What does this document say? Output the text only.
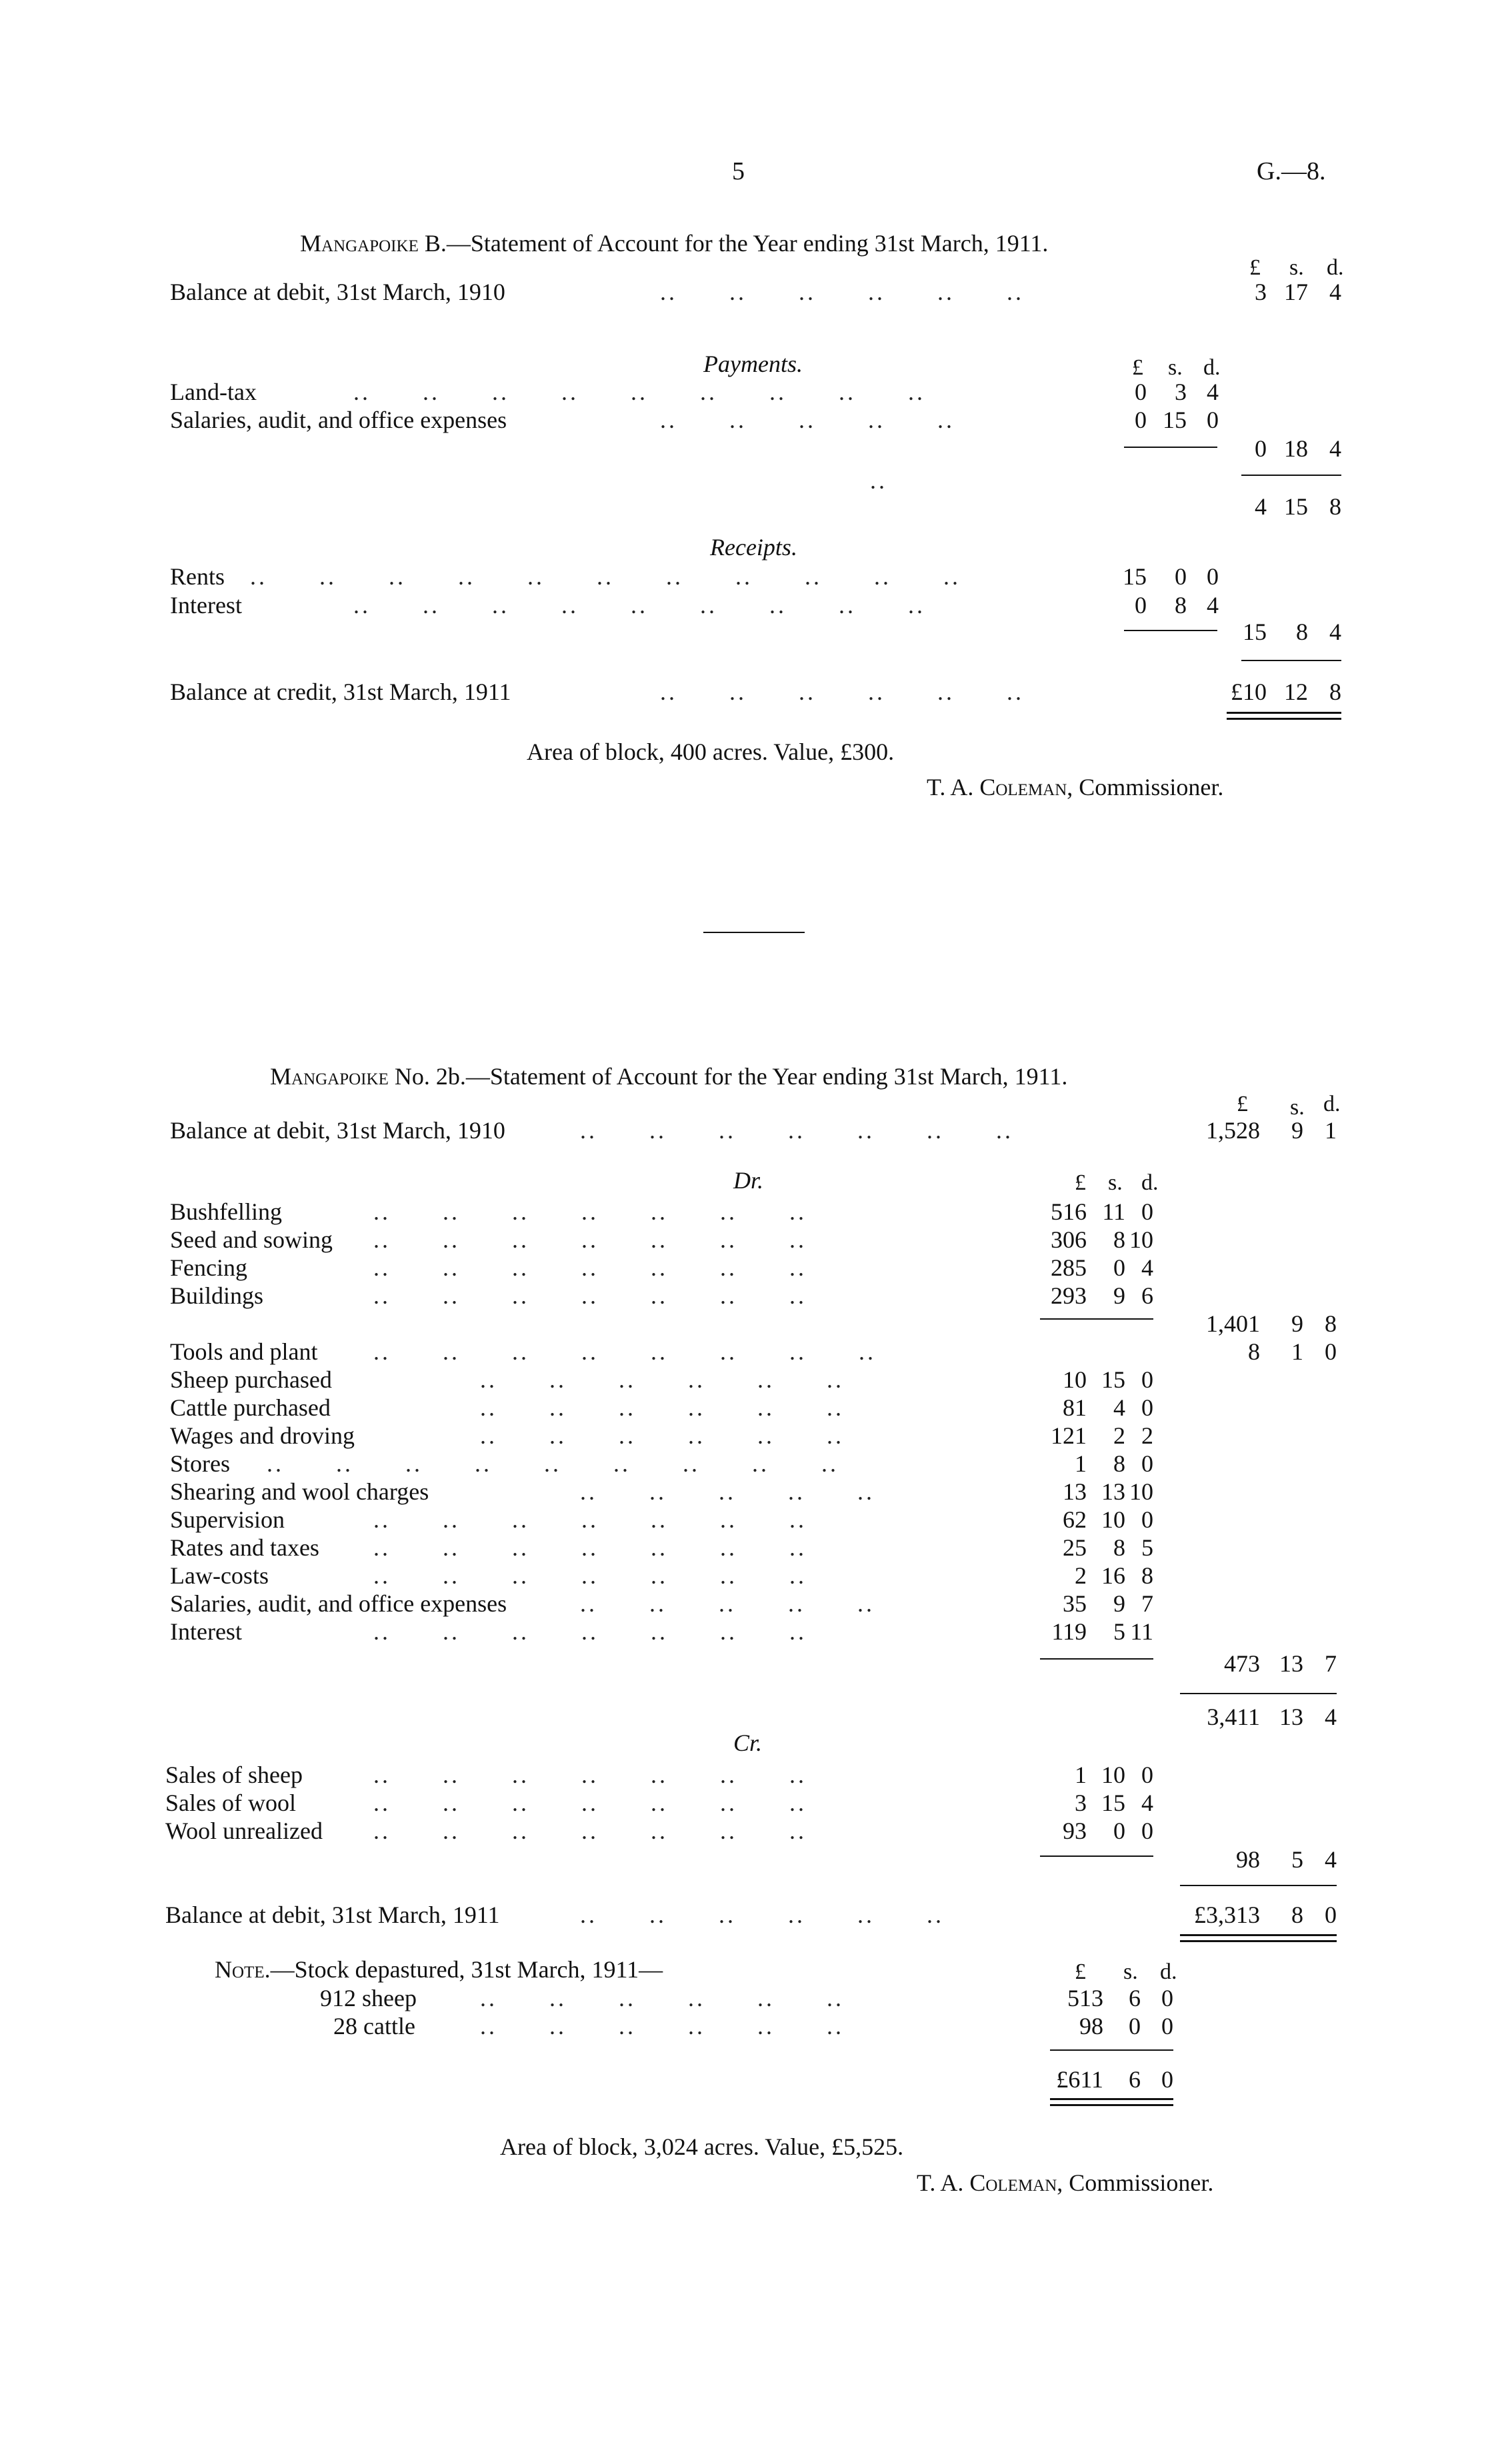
5	G.—8.
Mangapoike B.—Statement of Account for the Year ending 31st March, 1911.
£ s. d.
Balance at debit, 31st March, 1910	..      ..      ..      ..      ..      ..	3 17 4
Payments.	£ s. d.
Land-tax	..      ..      ..      ..      ..      ..      ..      ..      ..	0	3 4
Salaries, audit, and office expenses	..      ..      ..      ..      ..	0 15 0
0 18 4
..
4 15 8
Receipts.
Rents ..      ..      ..      ..      ..      ..      ..      ..      ..      ..      ..	15	0 0
Interest	..      ..      ..      ..      ..      ..      ..      ..      ..	0	8 4
15	8 4
Balance at credit, 31st March, 1911	..      ..      ..      ..      ..      ..	£10 12 8
Area of block, 400 acres. Value, £300.
T. A. Coleman, Commissioner.
Mangapoike No. 2b.—Statement of Account for the Year ending 31st March, 1911.
£ s. d.
Balance at debit, 31st March, 1910	..      ..      ..      ..      ..      ..      ..	1,528	9 1
Dr.	£ s. d.
Bushfelling	..      ..      ..      ..      ..      ..      ..	516 11 0
Seed and sowing ..      ..      ..      ..      ..      ..      ..	306	8 10
Fencing	..      ..      ..      ..      ..      ..      ..	285	0 4
Buildings	..      ..      ..      ..      ..      ..      ..	293	9 6
1,401	9 8
Tools and plant ..      ..      ..      ..      ..      ..      ..      ..	8	1 0
Sheep purchased	..      ..      ..      ..      ..      ..	10 15 0
Cattle purchased	..      ..      ..      ..      ..      ..	81	4 0
Wages and droving	..      ..      ..      ..      ..      ..	121	2 2
Stores ..      ..      ..      ..      ..      ..      ..      ..      ..	1	8 0
Shearing and wool charges	..      ..      ..      ..      ..	13 13 10
Supervision	..      ..      ..      ..      ..      ..      ..	62 10 0
Rates and taxes ..      ..      ..      ..      ..      ..      ..	25	8 5
Law-costs	..      ..      ..      ..      ..      ..      ..	2 16 8
Salaries, audit, and office expenses	..      ..      ..      ..      ..	35	9 7
Interest	..      ..      ..      ..      ..      ..      ..	119	5 11
473 13 7
3,411 13 4
Cr.
Sales of sheep	..      ..      ..      ..      ..      ..      ..	1 10 0
Sales of wool	..      ..      ..      ..      ..      ..      ..	3 15 4
Wool unrealized ..      ..      ..      ..      ..      ..      ..	93	0 0
98	5 4
Balance at debit, 31st March, 1911	..      ..      ..      ..      ..      ..	£3,313	8 0
Note.—Stock depastured, 31st March, 1911—	£ s. d.
912 sheep	..      ..      ..      ..      ..      ..	513	6 0
28 cattle	..      ..      ..      ..      ..      ..	98	0 0
£611	6 0
Area of block, 3,024 acres. Value, £5,525.
T. A. Coleman, Commissioner.
